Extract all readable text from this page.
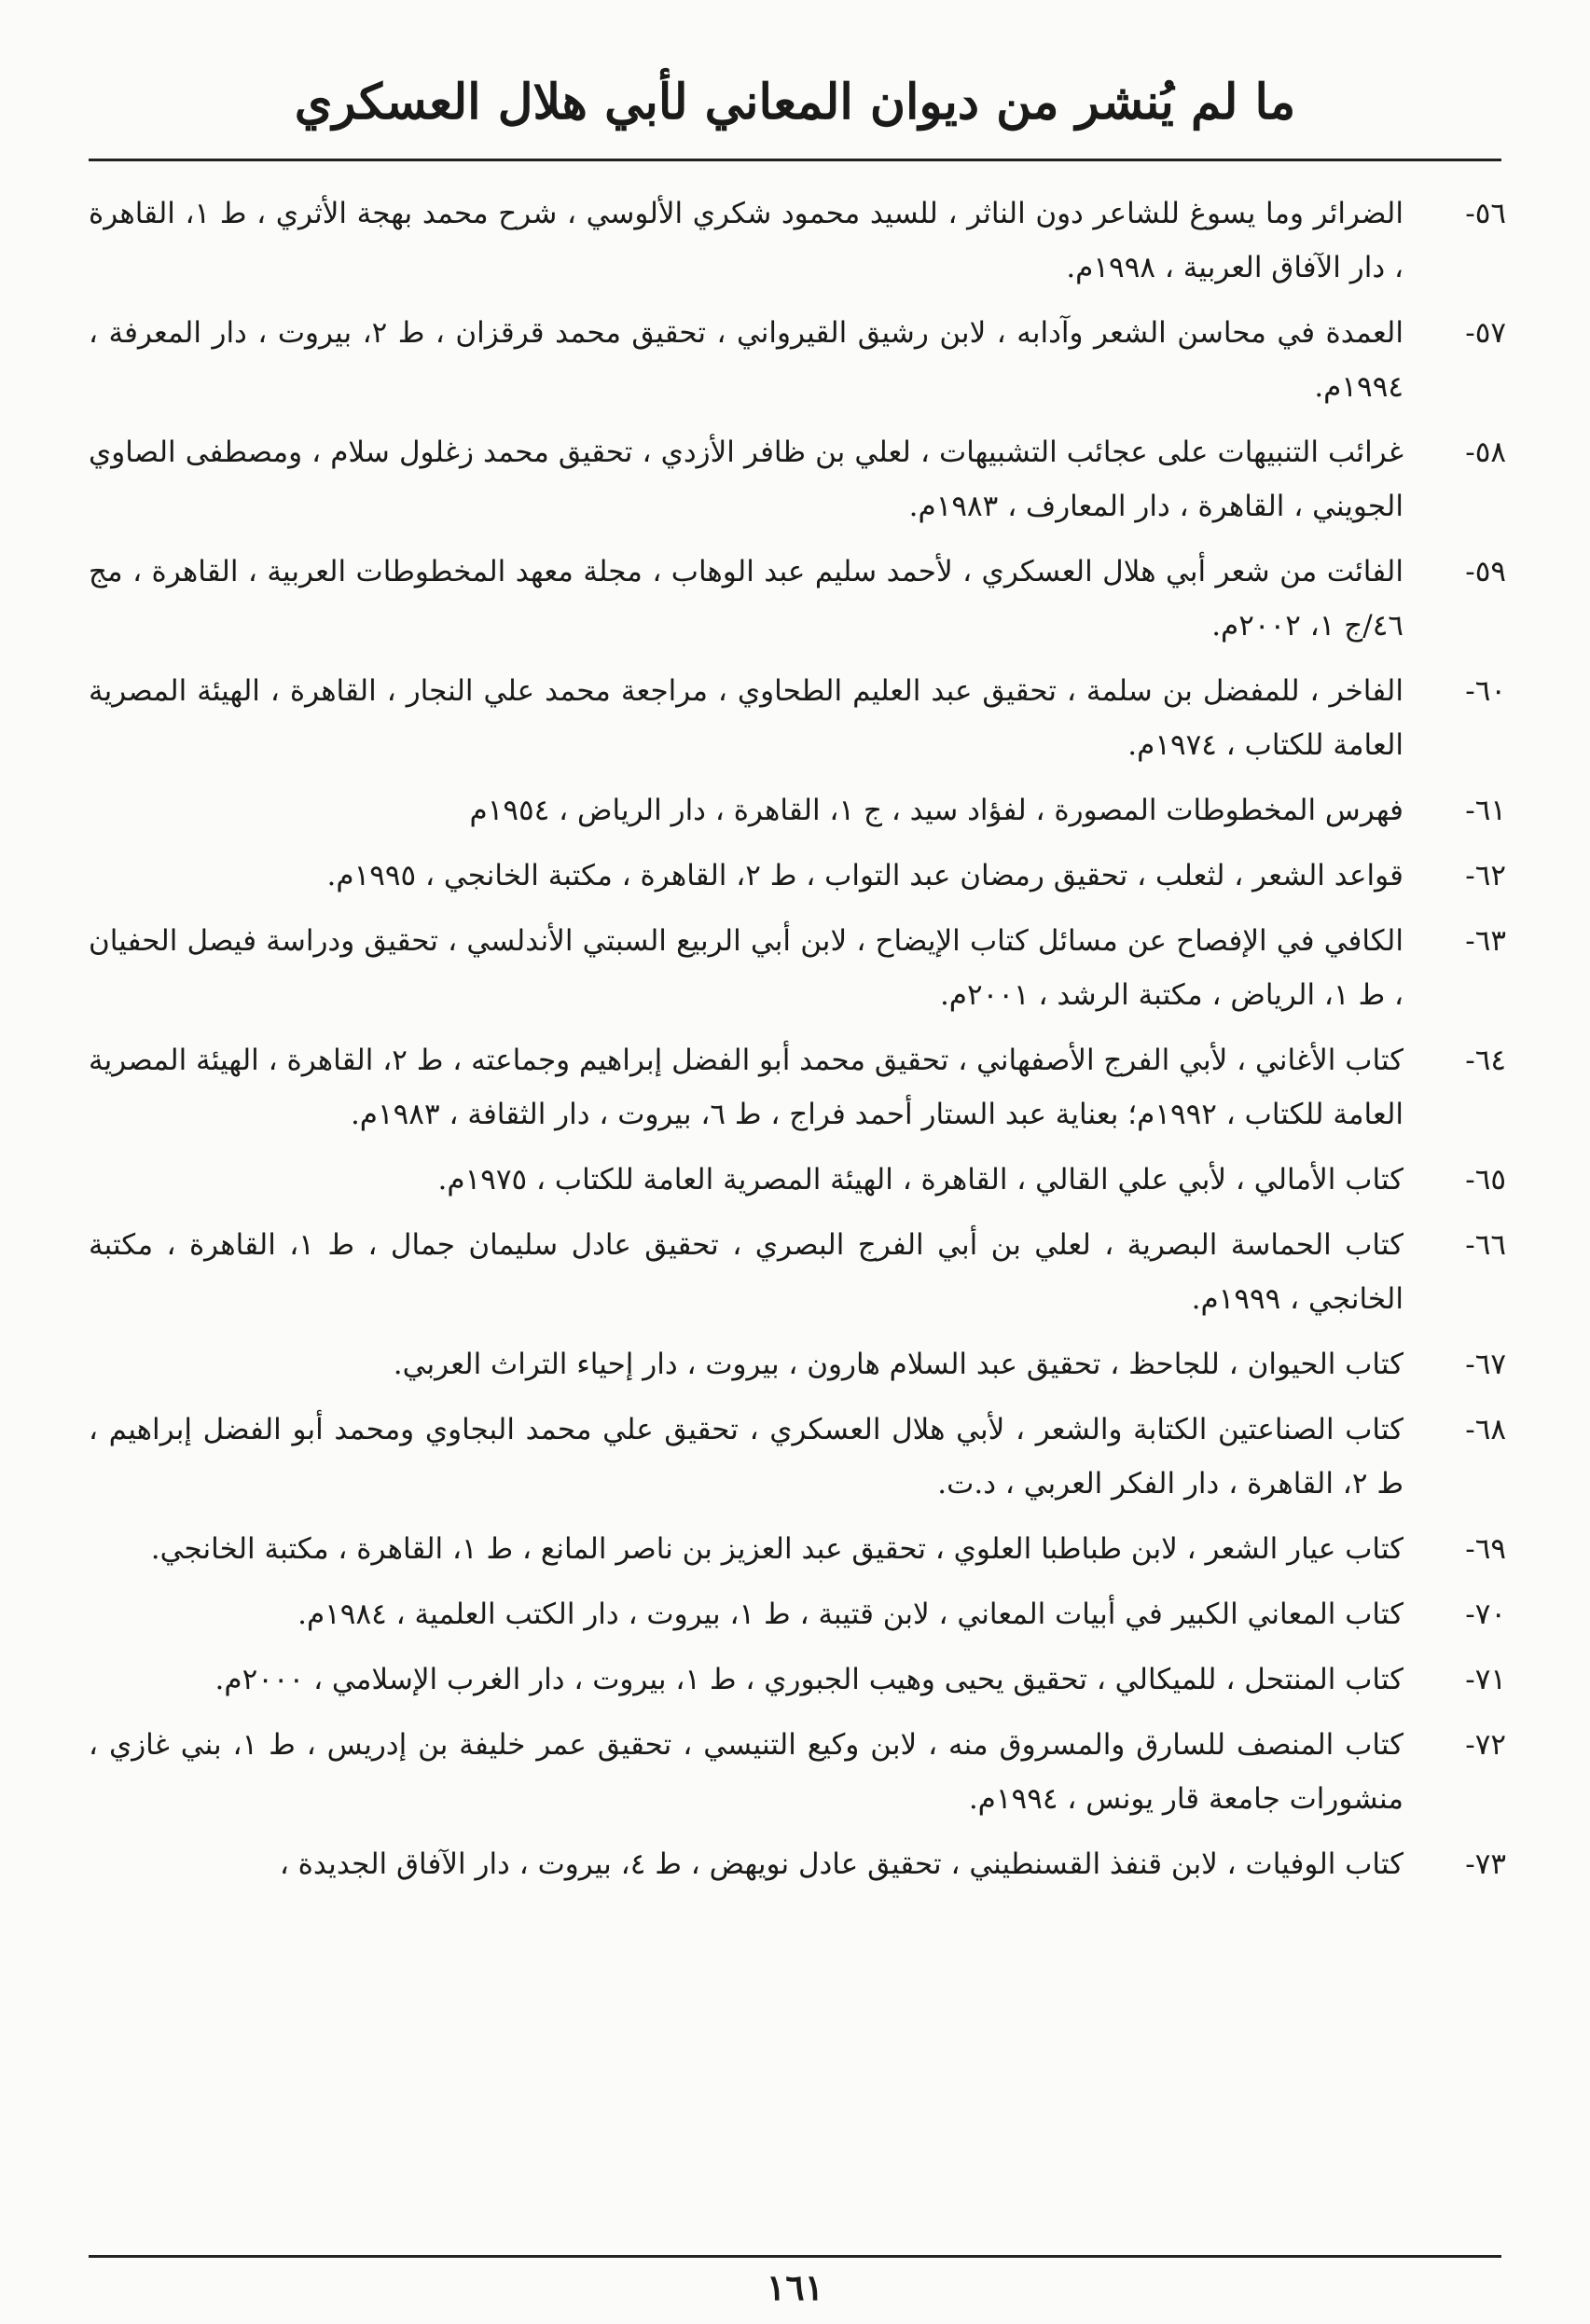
ما لم يُنشر من ديوان المعاني لأبي هلال العسكري
٥٦-
الضرائر وما يسوغ للشاعر دون الناثر ، للسيد محمود شكري الألوسي ، شرح محمد بهجة الأثري ، ط ١، القاهرة ، دار الآفاق العربية ، ١٩٩٨م.
٥٧-
العمدة في محاسن الشعر وآدابه ، لابن رشيق القيرواني ، تحقيق محمد قرقزان ، ط ٢، بيروت ، دار المعرفة ، ١٩٩٤م.
٥٨-
غرائب التنبيهات على عجائب التشبيهات ، لعلي بن ظافر الأزدي ، تحقيق محمد زغلول سلام ، ومصطفى الصاوي الجويني ، القاهرة ، دار المعارف ، ١٩٨٣م.
٥٩-
الفائت من شعر أبي هلال العسكري ، لأحمد سليم عبد الوهاب ، مجلة معهد المخطوطات العربية ، القاهرة ، مج ٤٦/ج ١، ٢٠٠٢م.
٦٠-
الفاخر ، للمفضل بن سلمة ، تحقيق عبد العليم الطحاوي ، مراجعة محمد علي النجار ، القاهرة ، الهيئة المصرية العامة للكتاب ، ١٩٧٤م.
٦١-
فهرس المخطوطات المصورة ، لفؤاد سيد ، ج ١، القاهرة ، دار الرياض ، ١٩٥٤م
٦٢-
قواعد الشعر ، لثعلب ، تحقيق رمضان عبد التواب ، ط ٢، القاهرة ، مكتبة الخانجي ، ١٩٩٥م.
٦٣-
الكافي في الإفصاح عن مسائل كتاب الإيضاح ، لابن أبي الربيع السبتي الأندلسي ، تحقيق ودراسة فيصل الحفيان ، ط ١، الرياض ، مكتبة الرشد ، ٢٠٠١م.
٦٤-
كتاب الأغاني ، لأبي الفرج الأصفهاني ، تحقيق محمد أبو الفضل إبراهيم وجماعته ، ط ٢، القاهرة ، الهيئة المصرية العامة للكتاب ، ١٩٩٢م؛ بعناية عبد الستار أحمد فراج ، ط ٦، بيروت ، دار الثقافة ، ١٩٨٣م.
٦٥-
كتاب الأمالي ، لأبي علي القالي ، القاهرة ، الهيئة المصرية العامة للكتاب ، ١٩٧٥م.
٦٦-
كتاب الحماسة البصرية ، لعلي بن أبي الفرج البصري ، تحقيق عادل سليمان جمال ، ط ١، القاهرة ، مكتبة الخانجي ، ١٩٩٩م.
٦٧-
كتاب الحيوان ، للجاحظ ، تحقيق عبد السلام هارون ، بيروت ، دار إحياء التراث العربي.
٦٨-
كتاب الصناعتين الكتابة والشعر ، لأبي هلال العسكري ، تحقيق علي محمد البجاوي ومحمد أبو الفضل إبراهيم ، ط ٢، القاهرة ، دار الفكر العربي ، د.ت.
٦٩-
كتاب عيار الشعر ، لابن طباطبا العلوي ، تحقيق عبد العزيز بن ناصر المانع ، ط ١، القاهرة ، مكتبة الخانجي.
٧٠-
كتاب المعاني الكبير في أبيات المعاني ، لابن قتيبة ، ط ١، بيروت ، دار الكتب العلمية ، ١٩٨٤م.
٧١-
كتاب المنتحل ، للميكالي ، تحقيق يحيى وهيب الجبوري ، ط ١، بيروت ، دار الغرب الإسلامي ، ٢٠٠٠م.
٧٢-
كتاب المنصف للسارق والمسروق منه ، لابن وكيع التنيسي ، تحقيق عمر خليفة بن إدريس ، ط ١، بني غازي ، منشورات جامعة قار يونس ، ١٩٩٤م.
٧٣-
كتاب الوفيات ، لابن قنفذ القسنطيني ، تحقيق عادل نويهض ، ط ٤، بيروت ، دار الآفاق الجديدة ،
١٦١
